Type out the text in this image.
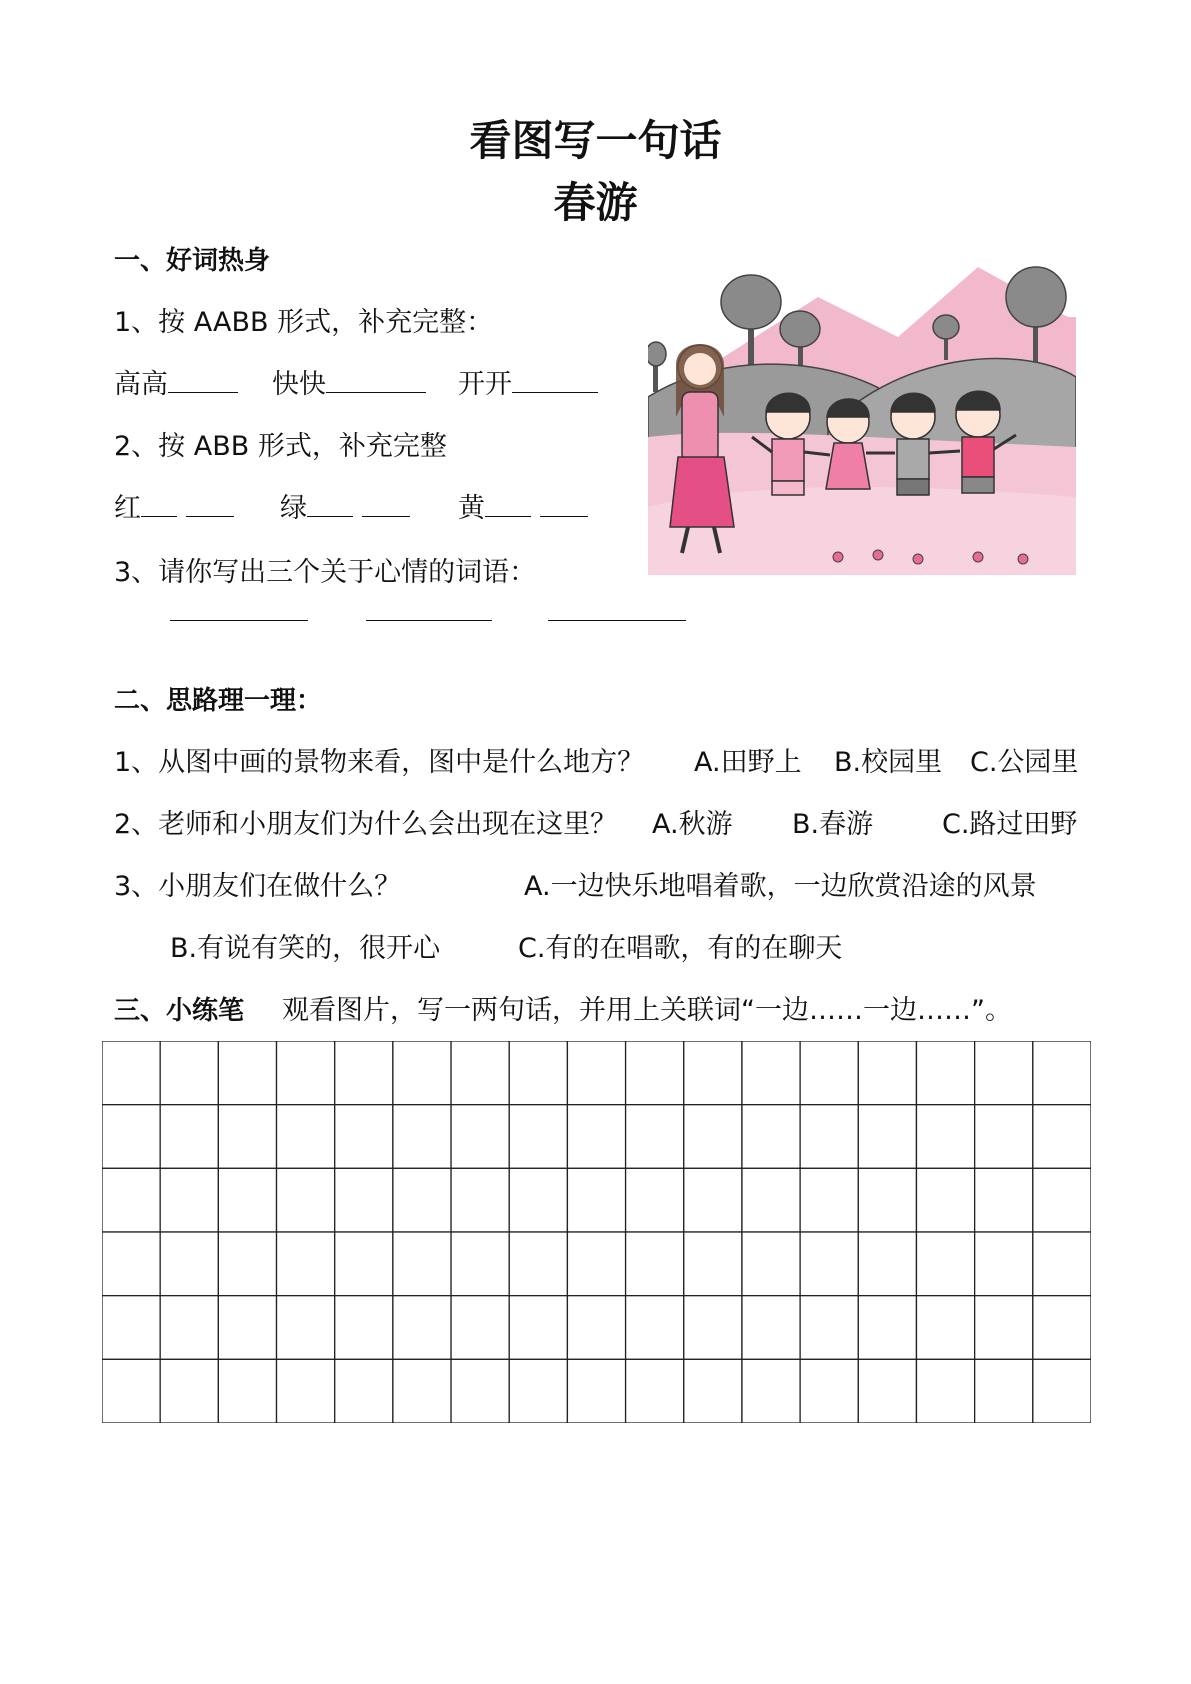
看图写一句话
春游
一、好词热身
1、按 AABB 形式，补充完整：
高高	快快	开开
2、按 ABB 形式，补充完整
红	绿	黄
3、请你写出三个关于心情的词语：
二、思路理一理：
1、从图中画的景物来看，图中是什么地方？ A.田野上 B.校园里 C.公园里
2、老师和小朋友们为什么会出现在这里？ A.秋游 B.春游	C.路过田野
3、小朋友们在做什么？	A.一边快乐地唱着歌，一边欣赏沿途的风景
B.有说有笑的，很开心	C.有的在唱歌，有的在聊天
三、小练笔 观看图片，写一两句话，并用上关联词“一边……一边……”。
